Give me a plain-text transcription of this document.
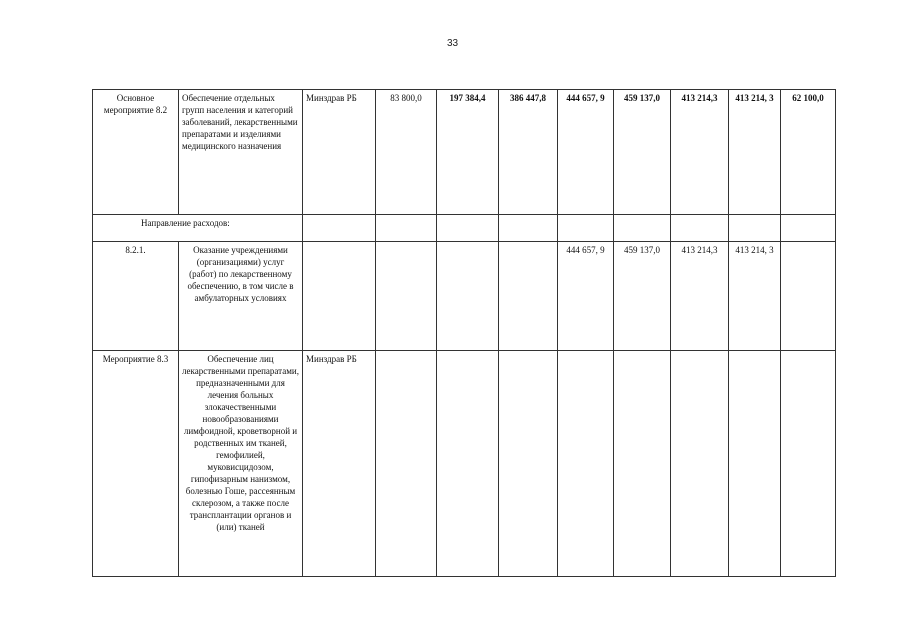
33
Основное мероприятие 8.2	Обеспечение отдельных групп населения и категорий заболеваний, лекарственными препаратами и изделиями медицинского назначения	Минздрав РБ	83 800,0	197 384,4	386 447,8	444 657, 9	459 137,0	413 214,3	413 214, 3	62 100,0
Направление расходов:										
8.2.1.	Оказание учреждениями (организациями) услуг (работ) по лекарственному обеспечению, в том числе в амбулаторных условиях					444 657, 9	459 137,0	413 214,3	413 214, 3	
Мероприятие 8.3	Обеспечение лиц лекарственными препаратами, предназначенными для лечения больных злокачественными новообразованиями лимфоидной, кроветворной и родственных им тканей, гемофилией, муковисцидозом, гипофизарным нанизмом, болезнью Гоше, рассеянным склерозом, а также после трансплантации органов и (или) тканей	Минздрав РБ								
